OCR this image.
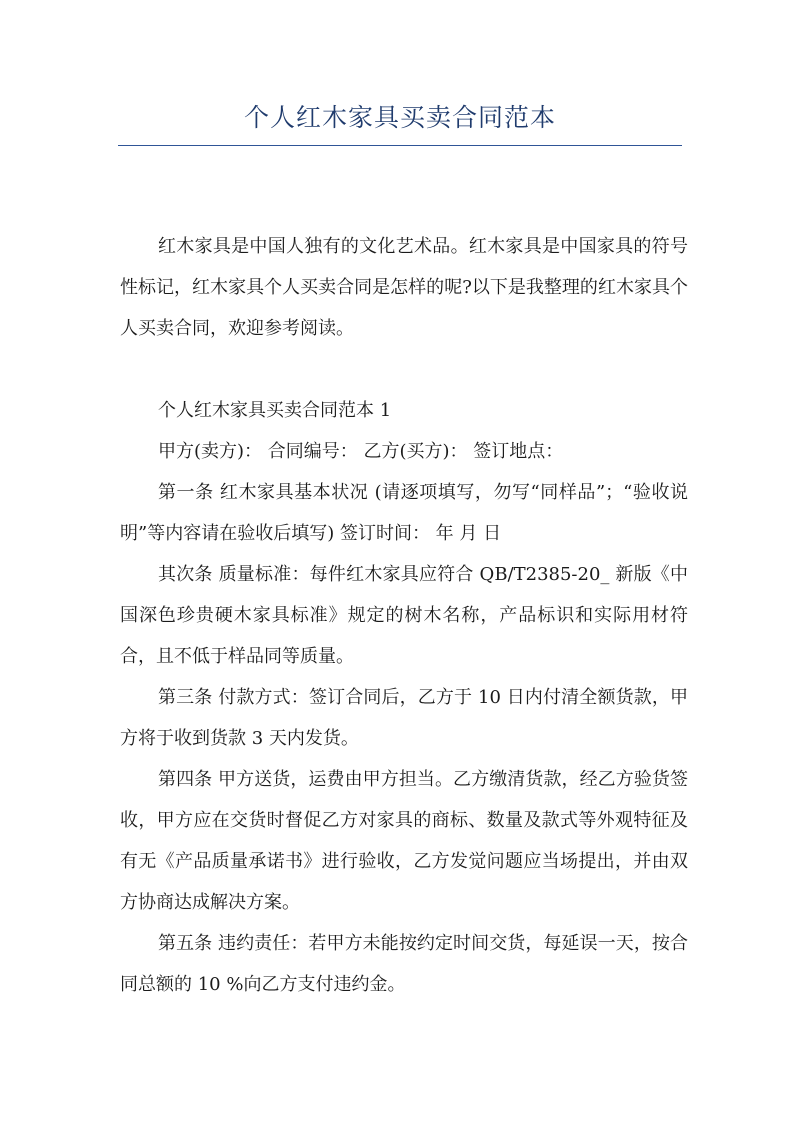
个人红木家具买卖合同范本

红木家具是中国人独有的文化艺术品。红木家具是中国家具的符号性标记，红木家具个人买卖合同是怎样的呢?以下是我整理的红木家具个人买卖合同，欢迎参考阅读。

个人红木家具买卖合同范本 1

甲方(卖方)： 合同编号： 乙方(买方)： 签订地点：

第一条 红木家具基本状况 (请逐项填写，勿写“同样品”；“验收说明”等内容请在验收后填写) 签订时间： 年 月 日

其次条 质量标准：每件红木家具应符合 QB/T2385-20_ 新版《中国深色珍贵硬木家具标准》规定的树木名称，产品标识和实际用材符合，且不低于样品同等质量。

第三条 付款方式：签订合同后，乙方于 10 日内付清全额货款，甲方将于收到货款 3 天内发货。

第四条 甲方送货，运费由甲方担当。乙方缴清货款，经乙方验货签收，甲方应在交货时督促乙方对家具的商标、数量及款式等外观特征及有无《产品质量承诺书》进行验收，乙方发觉问题应当场提出，并由双方协商达成解决方案。

第五条 违约责任：若甲方未能按约定时间交货，每延误一天，按合同总额的 10 %向乙方支付违约金。
